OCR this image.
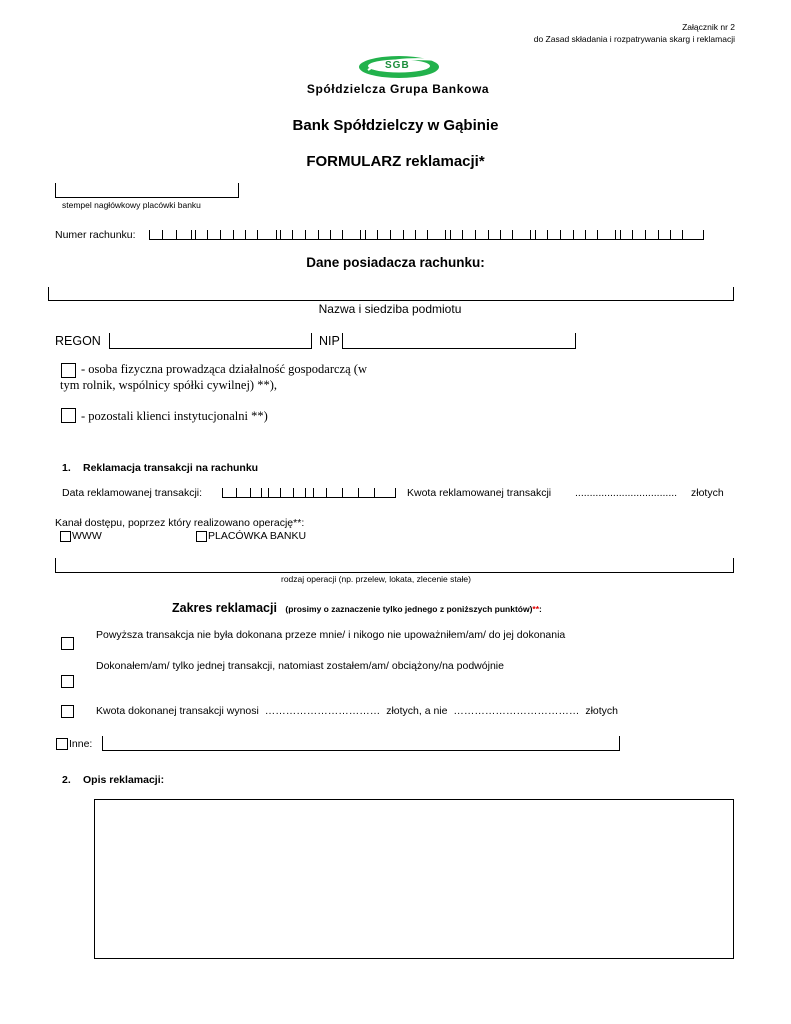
Załącznik nr 2
do Zasad składania i rozpatrywania skarg i reklamacji
SGB
Spółdzielcza Grupa Bankowa
Bank Spółdzielczy w Gąbinie
FORMULARZ reklamacji*
stempel nagłówkowy placówki banku
Numer rachunku:
Dane posiadacza rachunku:
Nazwa i siedziba podmiotu
REGON	NIP
- osoba fizyczna prowadząca działalność gospodarczą (w
tym rolnik, wspólnicy spółki cywilnej) **),
- pozostali klienci instytucjonalni **)
1. Reklamacja transakcji na rachunku
Data reklamowanej transakcji:	Kwota reklamowanej transakcji ................................... złotych
Kanał dostępu, poprzez który realizowano operację**:
WWW	PLACÓWKA BANKU
rodzaj operacji (np. przelew, lokata, zlecenie stałe)
Zakres reklamacji (prosimy o zaznaczenie tylko jednego z poniższych punktów)**:
Powyższa transakcja nie była dokonana przeze mnie/ i nikogo nie upoważniłem/am/ do jej dokonania
Dokonałem/am/ tylko jednej transakcji, natomiast zostałem/am/ obciążony/na podwójnie
Kwota dokonanej transakcji wynosi …………………………… złotych, a nie ……………………………… złotych
Inne:
2. Opis reklamacji:
